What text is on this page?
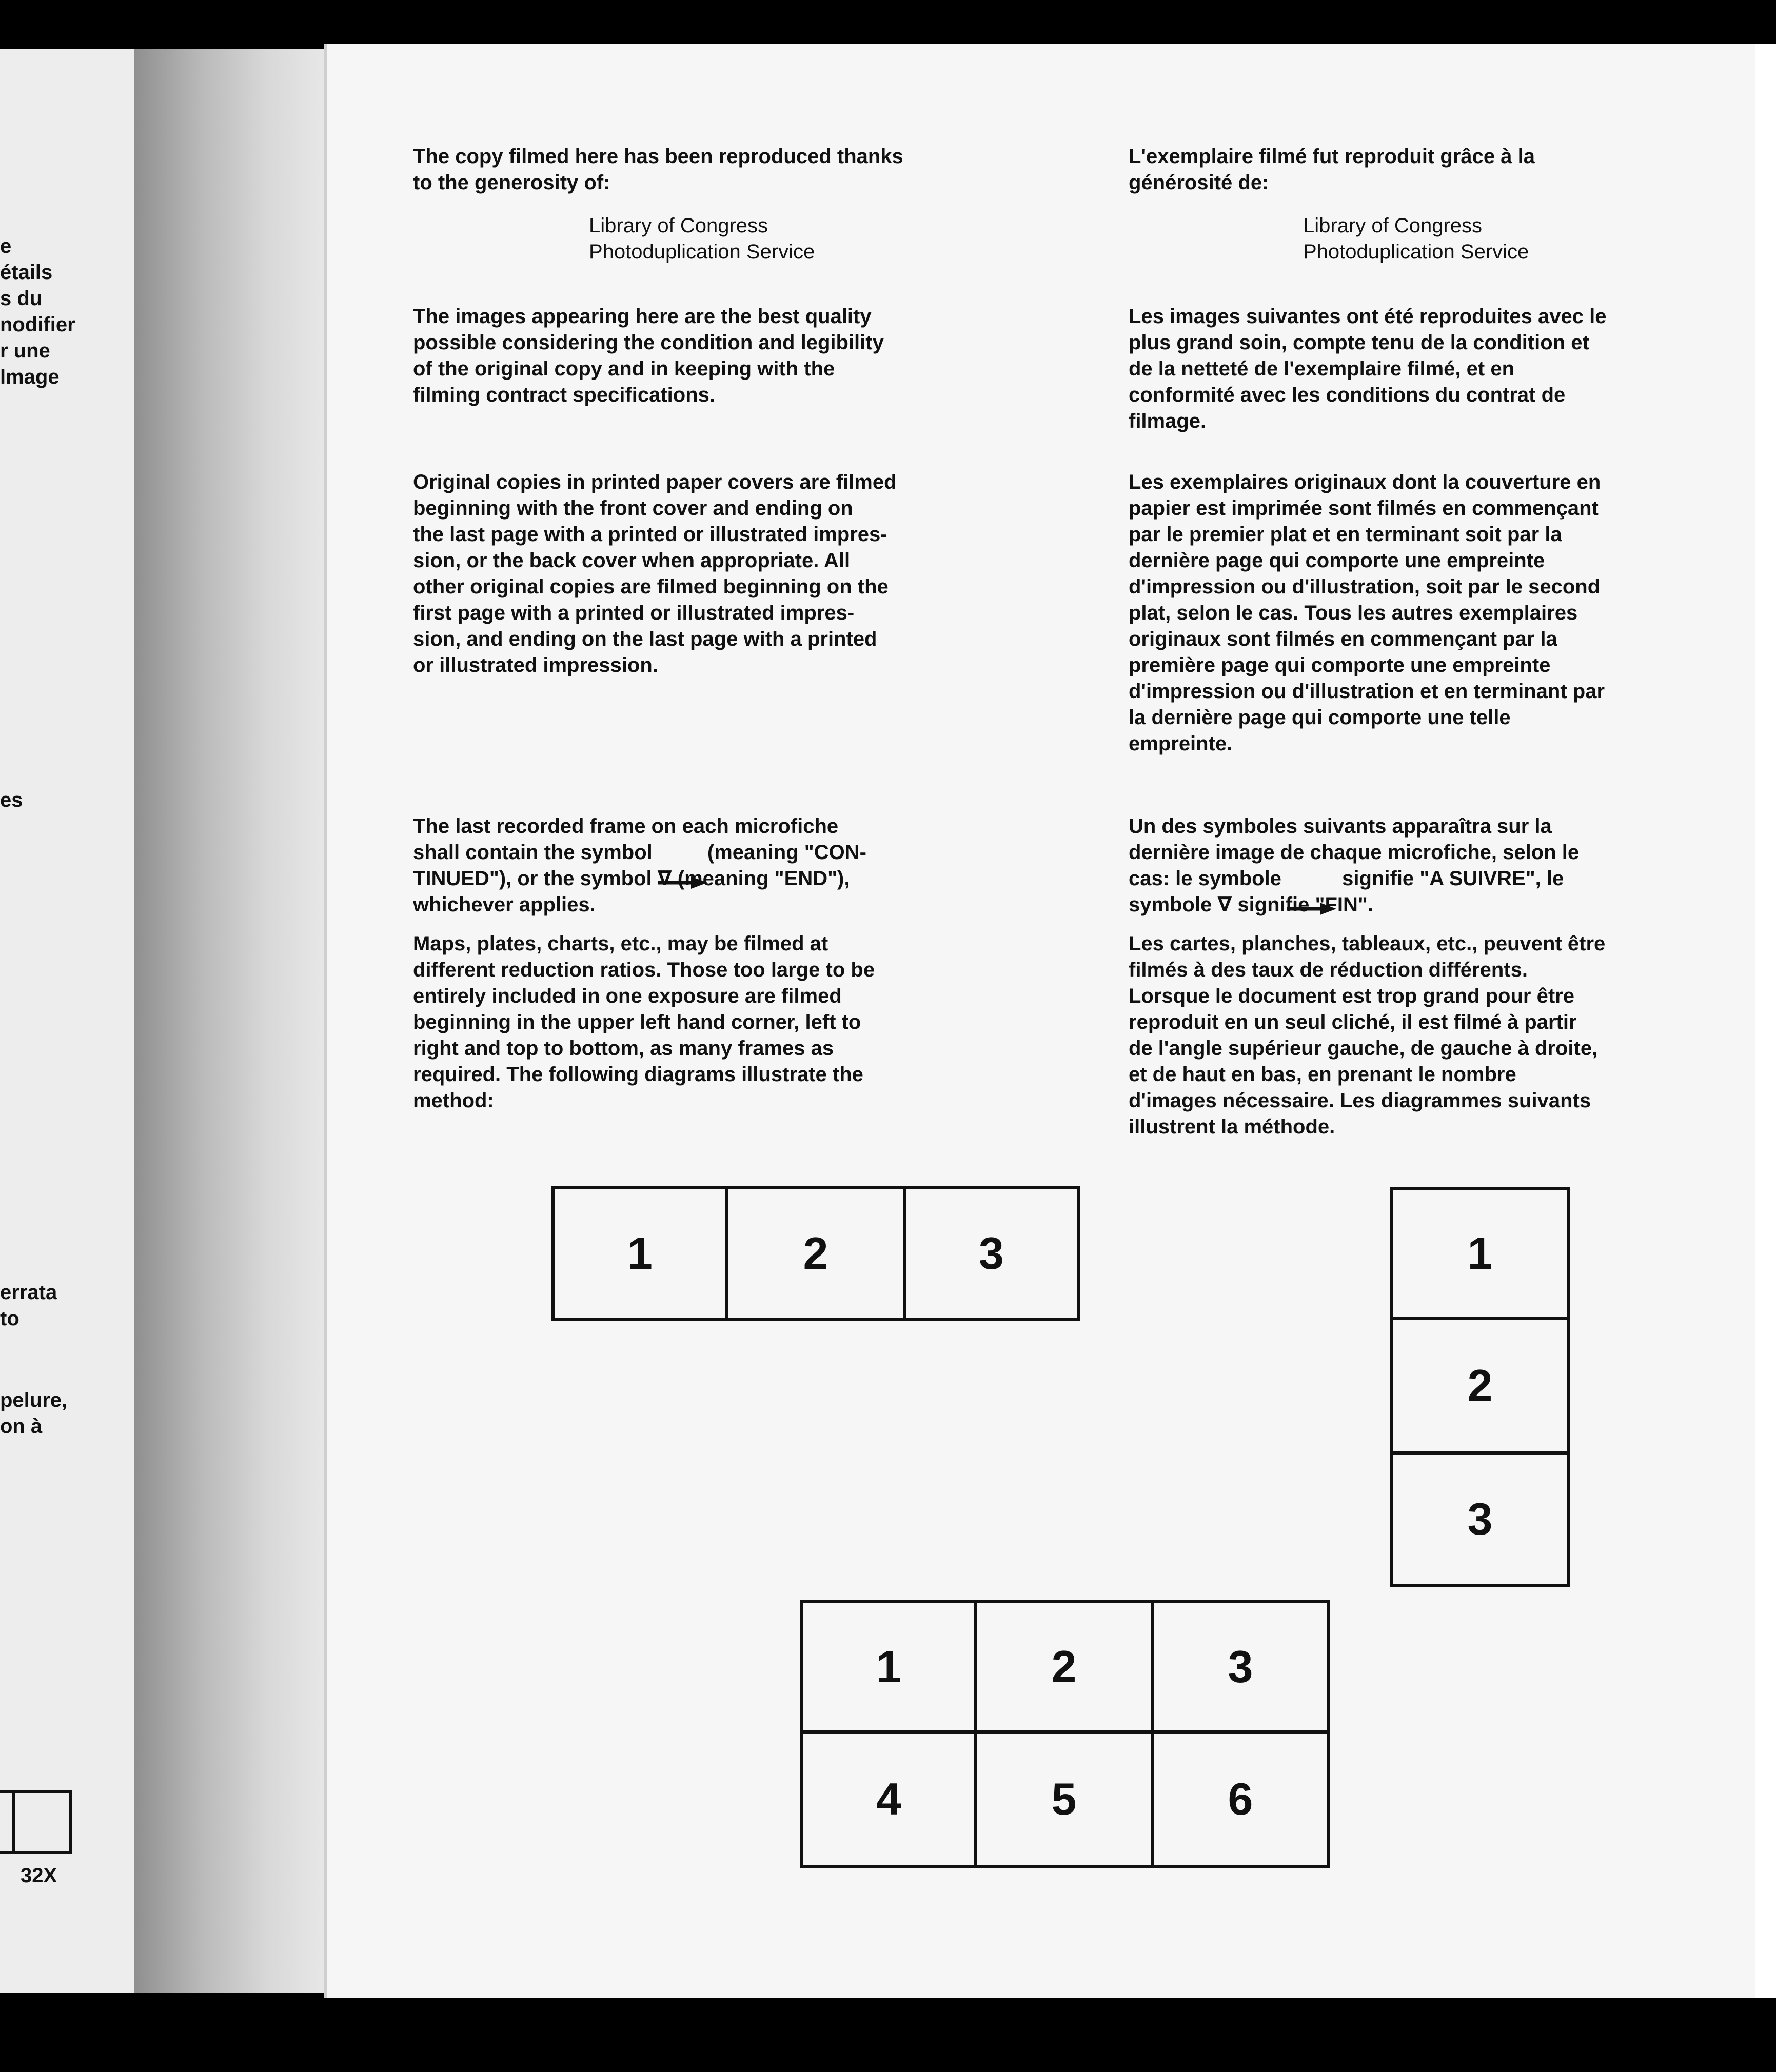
e
étails
s du
nodifier
r une
lmage
es
errata
to
pelure,
on à
32X

The copy filmed here has been reproduced thanks
to the generosity of:

Library of Congress
Photoduplication Service

The images appearing here are the best quality
possible considering the condition and legibility
of the original copy and in keeping with the
filming contract specifications.

Original copies in printed paper covers are filmed
beginning with the front cover and ending on
the last page with a printed or illustrated impres-
sion, or the back cover when appropriate. All
other original copies are filmed beginning on the
first page with a printed or illustrated impres-
sion, and ending on the last page with a printed
or illustrated impression.

The last recorded frame on each microfiche
shall contain the symbol	(meaning "CON-
TINUED"), or the symbol ∇ (meaning "END"),
whichever applies.

Maps, plates, charts, etc., may be filmed at
different reduction ratios. Those too large to be
entirely included in one exposure are filmed
beginning in the upper left hand corner, left to
right and top to bottom, as many frames as
required. The following diagrams illustrate the
method:

L'exemplaire filmé fut reproduit grâce à la
générosité de:

Library of Congress
Photoduplication Service

Les images suivantes ont été reproduites avec le
plus grand soin, compte tenu de la condition et
de la netteté de l'exemplaire filmé, et en
conformité avec les conditions du contrat de
filmage.

Les exemplaires originaux dont la couverture en
papier est imprimée sont filmés en commençant
par le premier plat et en terminant soit par la
dernière page qui comporte une empreinte
d'impression ou d'illustration, soit par le second
plat, selon le cas. Tous les autres exemplaires
originaux sont filmés en commençant par la
première page qui comporte une empreinte
d'impression ou d'illustration et en terminant par
la dernière page qui comporte une telle
empreinte.

Un des symboles suivants apparaîtra sur la
dernière image de chaque microfiche, selon le
cas: le symbole	signifie "A SUIVRE", le
symbole ∇ signifie "FIN".

Les cartes, planches, tableaux, etc., peuvent être
filmés à des taux de réduction différents.
Lorsque le document est trop grand pour être
reproduit en un seul cliché, il est filmé à partir
de l'angle supérieur gauche, de gauche à droite,
et de haut en bas, en prenant le nombre
d'images nécessaire. Les diagrammes suivants
illustrent la méthode.

1	2	3	1
2
3
1	2	3
4	5	6
